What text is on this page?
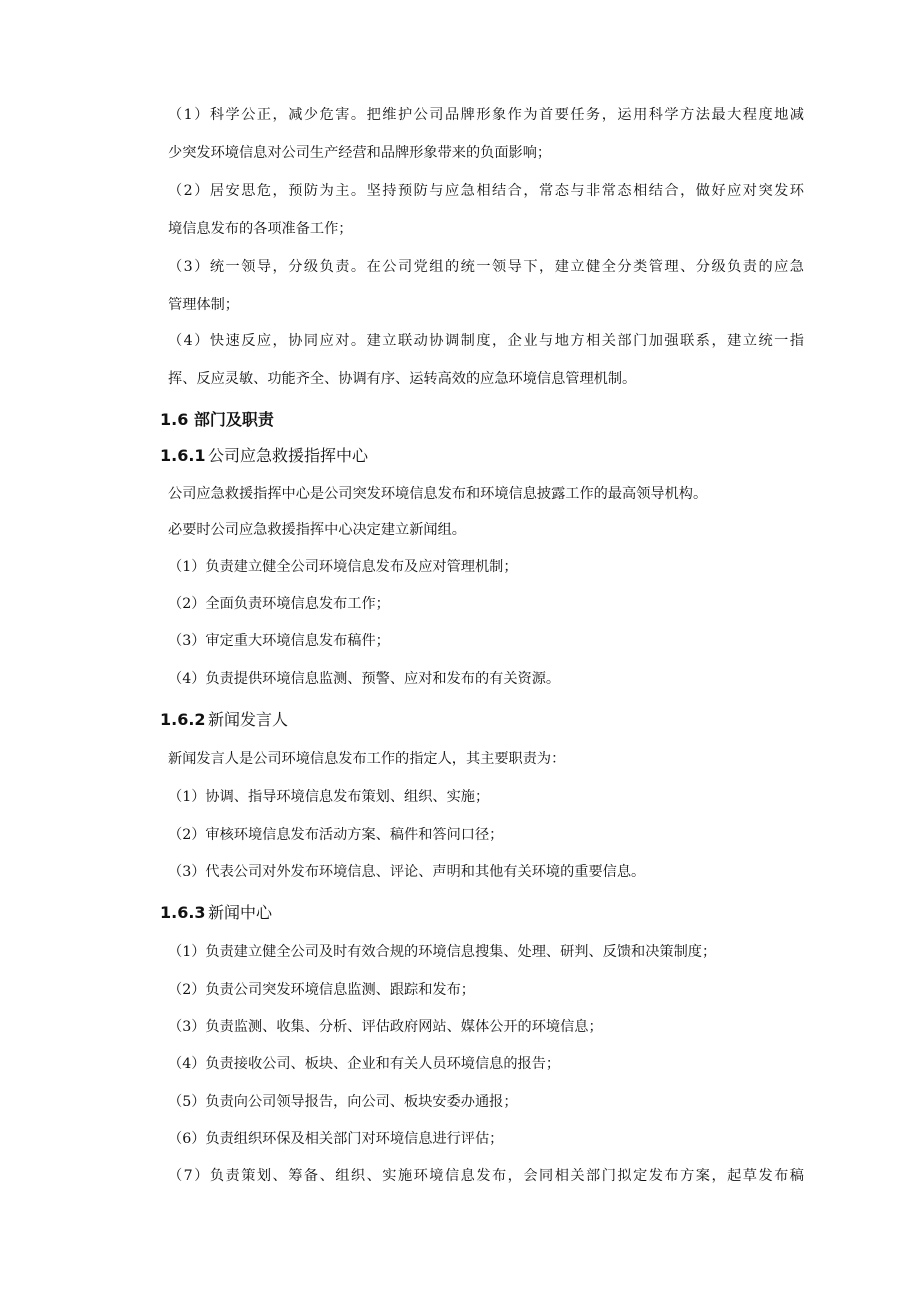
（1）科学公正，减少危害。把维护公司品牌形象作为首要任务，运用科学方法最大程度地减

少突发环境信息对公司生产经营和品牌形象带来的负面影响；

（2）居安思危，预防为主。坚持预防与应急相结合，常态与非常态相结合，做好应对突发环

境信息发布的各项准备工作；

（3）统一领导，分级负责。在公司党组的统一领导下，建立健全分类管理、分级负责的应急

管理体制；

（4）快速反应，协同应对。建立联动协调制度，企业与地方相关部门加强联系，建立统一指

挥、反应灵敏、功能齐全、协调有序、运转高效的应急环境信息管理机制。

1.6 部门及职责

1.6.1 公司应急救援指挥中心

公司应急救援指挥中心是公司突发环境信息发布和环境信息披露工作的最高领导机构。

必要时公司应急救援指挥中心决定建立新闻组。

（1）负责建立健全公司环境信息发布及应对管理机制；

（2）全面负责环境信息发布工作；

（3）审定重大环境信息发布稿件；

（4）负责提供环境信息监测、预警、应对和发布的有关资源。

1.6.2 新闻发言人

新闻发言人是公司环境信息发布工作的指定人，其主要职责为：

（1）协调、指导环境信息发布策划、组织、实施；

（2）审核环境信息发布活动方案、稿件和答问口径；

（3）代表公司对外发布环境信息、评论、声明和其他有关环境的重要信息。

1.6.3 新闻中心

（1）负责建立健全公司及时有效合规的环境信息搜集、处理、研判、反馈和决策制度；

（2）负责公司突发环境信息监测、跟踪和发布；

（3）负责监测、收集、分析、评估政府网站、媒体公开的环境信息；

（4）负责接收公司、板块、企业和有关人员环境信息的报告；

（5）负责向公司领导报告，向公司、板块安委办通报；

（6）负责组织环保及相关部门对环境信息进行评估；

（7）负责策划、筹备、组织、实施环境信息发布，会同相关部门拟定发布方案，起草发布稿
